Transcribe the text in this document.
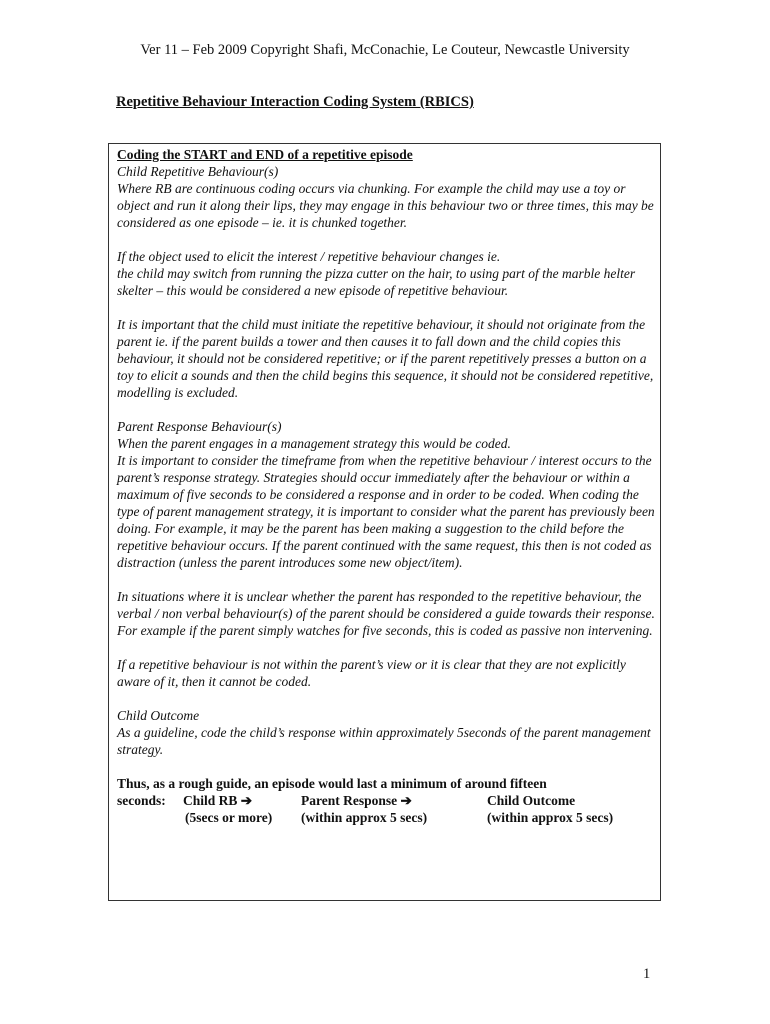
Ver 11 – Feb 2009 Copyright Shafi, McConachie, Le Couteur, Newcastle University
Repetitive Behaviour Interaction Coding System (RBICS)
Coding the START and END of a repetitive episode
Child Repetitive Behaviour(s)
Where RB are continuous coding occurs via chunking. For example the child may use a toy or object and run it along their lips, they may engage in this behaviour two or three times, this may be considered as one episode – ie. it is chunked together.
If the object used to elicit the interest / repetitive behaviour changes ie.
the child may switch from running the pizza cutter on the hair, to using part of the marble helter skelter – this would be considered a new episode of repetitive behaviour.
It is important that the child must initiate the repetitive behaviour, it should not originate from the parent ie. if the parent builds a tower and then causes it to fall down and the child copies this behaviour, it should not be considered repetitive; or if the parent repetitively presses a button on a toy to elicit a sounds and then the child begins this sequence, it should not be considered repetitive, modelling is excluded.
Parent Response Behaviour(s)
When the parent engages in a management strategy this would be coded.
It is important to consider the timeframe from when the repetitive behaviour / interest occurs to the parent’s response strategy. Strategies should occur immediately after the behaviour or within a maximum of five seconds to be considered a response and in order to be coded. When coding the type of parent management strategy, it is important to consider what the parent has previously been doing. For example, it may be the parent has been making a suggestion to the child before the repetitive behaviour occurs. If the parent continued with the same request, this then is not coded as distraction (unless the parent introduces some new object/item).
In situations where it is unclear whether the parent has responded to the repetitive behaviour, the verbal / non verbal behaviour(s) of the parent should be considered a guide towards their response. For example if the parent simply watches for five seconds, this is coded as passive non intervening.
If a repetitive behaviour is not within the parent’s view or it is clear that they are not explicitly aware of it, then it cannot be coded.
Child Outcome
As a guideline, code the child’s response within approximately 5seconds of the parent management strategy.
Thus, as a rough guide, an episode would last a minimum of around fifteen
seconds:	Child RB ➔	Parent Response ➔	Child Outcome
(5secs or more)	(within approx 5 secs)	(within approx 5 secs)
1
